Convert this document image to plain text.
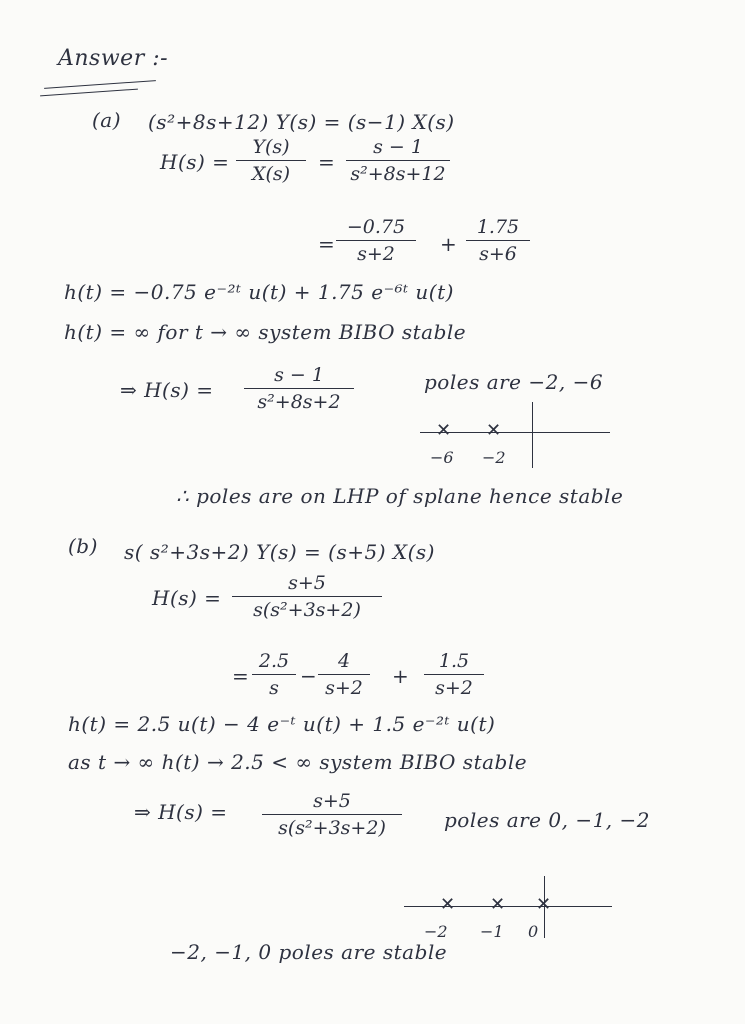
Answer :-
(a) (s²+8s+12) Y(s) = (s−1) X(s)
H(s) =
Y(s)
X(s)	=
s − 1
s²+8s+12
=
−0.75
s+2	+
1.75
s+6
h(t) = −0.75 e⁻²ᵗ u(t) + 1.75 e⁻⁶ᵗ u(t)
h(t) = ∞ for t → ∞ system BIBO stable
⇒ H(s) =
s − 1
s²+8s+2
poles are −2, −6
✕ ✕
−6 −2
∴ poles are on LHP of splane hence stable
(b) s( s²+3s+2) Y(s) = (s+5) X(s)
H(s) =
s+5
s(s²+3s+2)
=
2.5
s	−
4
s+2	+
1.5
s+2
h(t) = 2.5 u(t) − 4 e⁻ᵗ u(t) + 1.5 e⁻²ᵗ u(t)
as t → ∞ h(t) → 2.5 < ∞ system BIBO stable
⇒ H(s) =	s+5
s(s²+3s+2)	poles are 0, −1, −2
✕ ✕ ✕
−2 −1 0
−2, −1, 0 poles are stable
